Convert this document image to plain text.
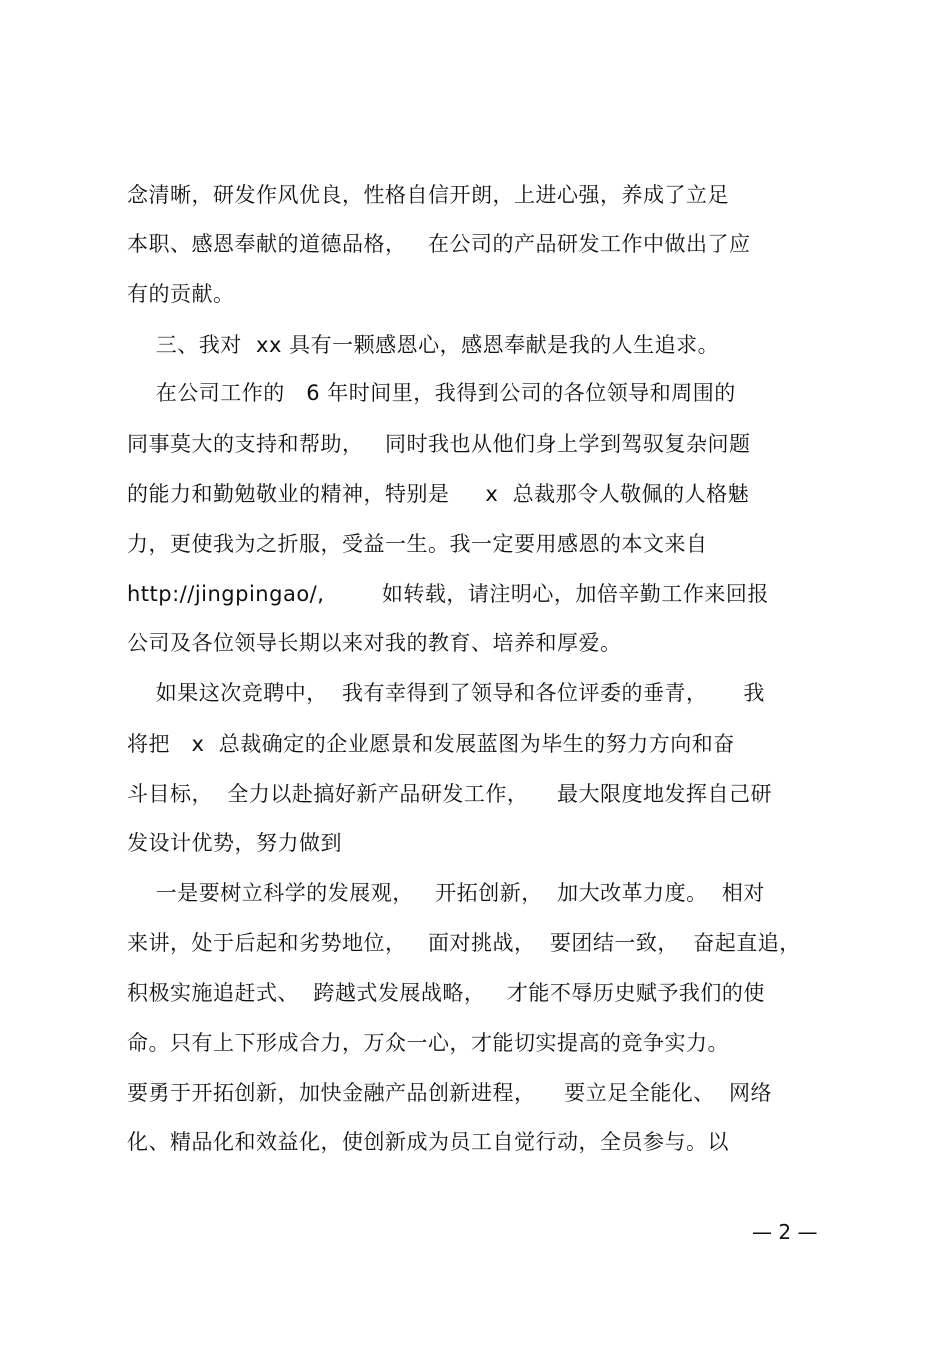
念清晰，研发作风优良，性格自信开朗，上进心强，养成了立足
本职、感恩奉献的道德品格，   在公司的产品研发工作中做出了应
有的贡献。
三、我对  xx 具有一颗感恩心，感恩奉献是我的人生追求。
在公司工作的   6 年时间里，我得到公司的各位领导和周围的
同事莫大的支持和帮助，   同时我也从他们身上学到驾驭复杂问题
的能力和勤勉敬业的精神，特别是     x  总裁那令人敬佩的人格魅
力，更使我为之折服，受益一生。我一定要用感恩的本文来自
http://jingpingao/,        如转载，请注明心，加倍辛勤工作来回报
公司及各位领导长期以来对我的教育、培养和厚爱。
如果这次竞聘中，  我有幸得到了领导和各位评委的垂青，     我
将把   x  总裁确定的企业愿景和发展蓝图为毕生的努力方向和奋
斗目标，  全力以赴搞好新产品研发工作，    最大限度地发挥自己研
发设计优势，努力做到
一是要树立科学的发展观，   开拓创新，  加大改革力度。  相对
来讲，处于后起和劣势地位，   面对挑战，  要团结一致，  奋起直追，
积极实施追赶式、  跨越式发展战略，   才能不辱历史赋予我们的使
命。只有上下形成合力，万众一心，才能切实提高的竞争实力。
要勇于开拓创新，加快金融产品创新进程，    要立足全能化、  网络
化、精品化和效益化，使创新成为员工自觉行动，全员参与。以
— 2 —
